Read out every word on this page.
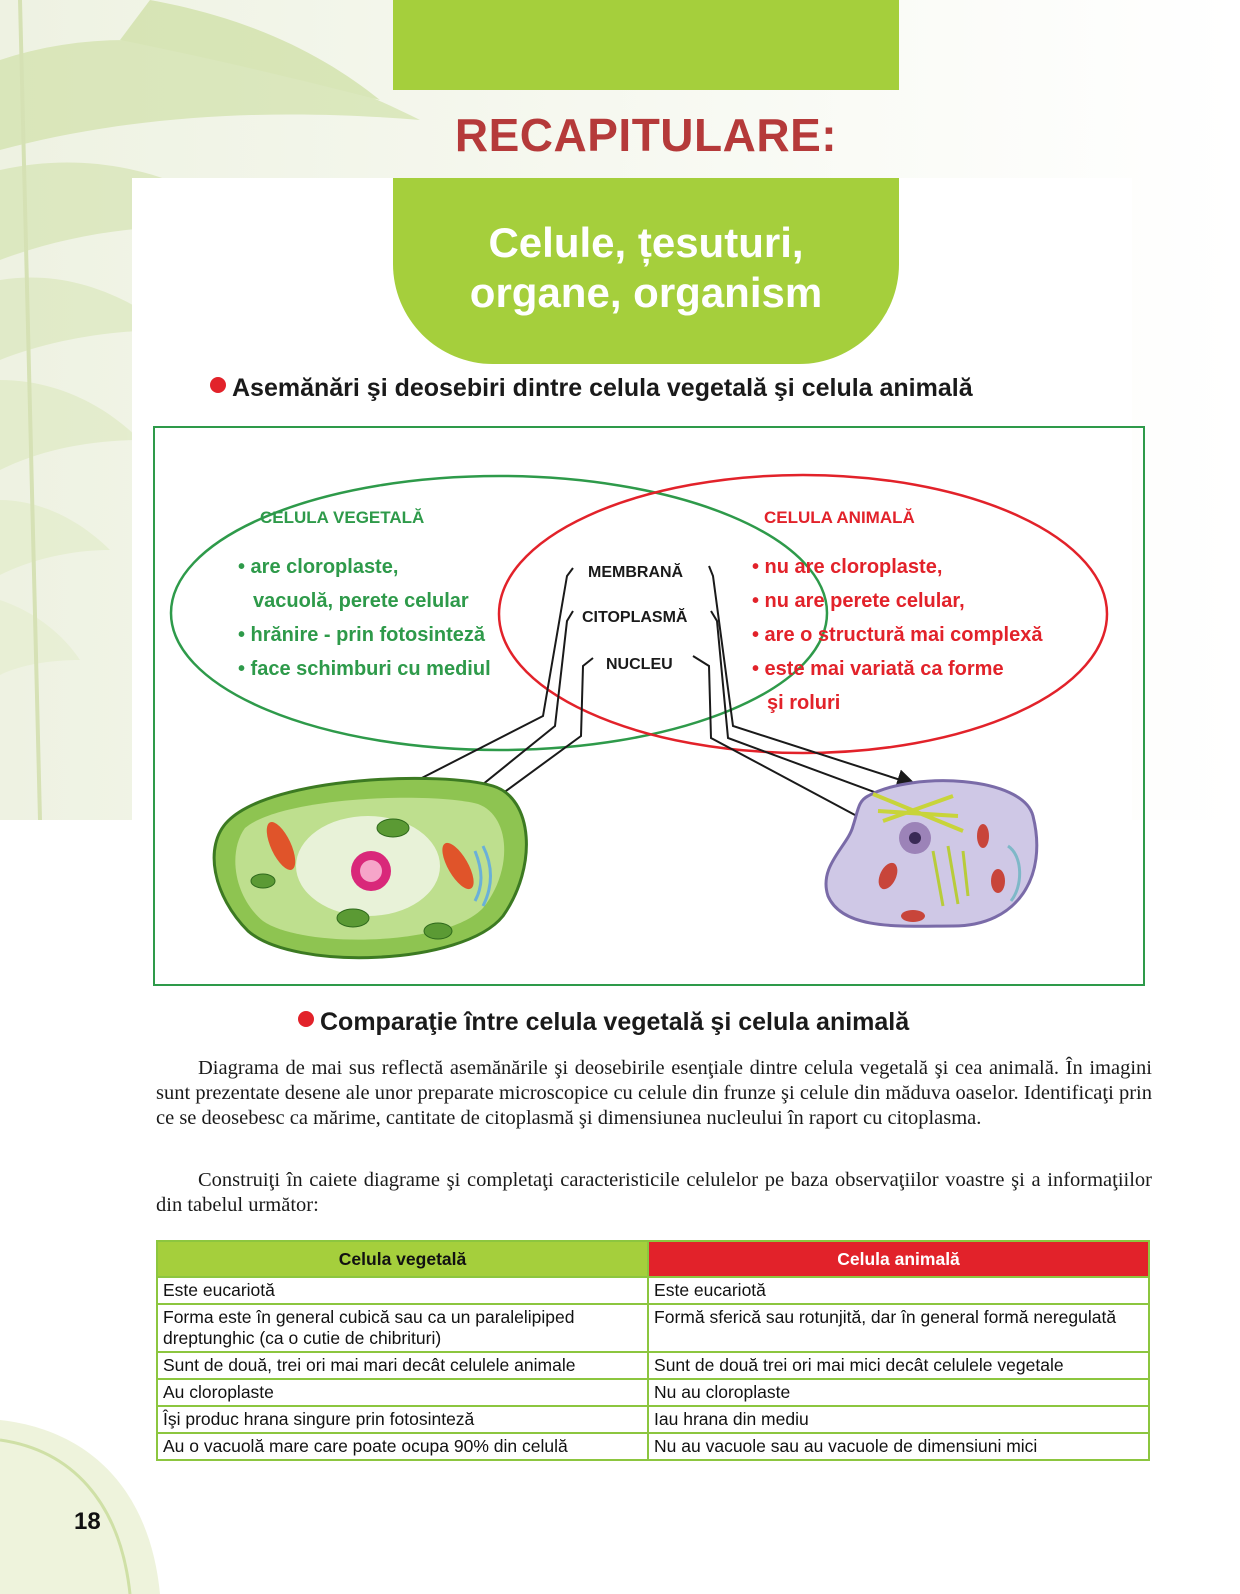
RECAPITULARE:
Celule, țesuturi,
organe, organism
Asemănări şi deosebiri dintre celula vegetală şi celula animală
CELULA VEGETALĂ	CELULA ANIMALĂ
• are cloroplaste,
vacuolă, perete celular
• hrănire - prin fotosinteză
• face schimburi cu mediul
• nu are cloroplaste,
• nu are perete celular,
• are o structură mai complexă
• este mai variată ca forme
şi roluri
MEMBRANĂ
CITOPLASMĂ
NUCLEU
Comparaţie între celula vegetală şi celula animală
Diagrama de mai sus reflectă asemănările şi deosebirile esenţiale dintre celula vegetală şi cea animală. În imagini sunt prezentate desene ale unor preparate microscopice cu celule din frunze şi celule din măduva oaselor. Identificaţi prin ce se deosebesc ca mărime, cantitate de citoplasmă şi dimensiunea nucleului în raport cu citoplasma.
Construiţi în caiete diagrame şi completaţi caracteristicile celulelor pe baza observaţiilor voastre şi a informaţiilor din tabelul următor:
Celula vegetală	Celula animală
Este eucariotă	Este eucariotă
Forma este în general cubică sau ca un paralelipiped dreptunghic (ca o cutie de chibrituri)	Formă sferică sau rotunjită, dar în general formă neregulată
Sunt de două, trei ori mai mari decât celulele animale	Sunt de două trei ori mai mici decât celulele vegetale
Au cloroplaste	Nu au cloroplaste
Îşi produc hrana singure prin fotosinteză	Iau hrana din mediu
Au o vacuolă mare care poate ocupa 90% din celulă	Nu au vacuole sau au vacuole de dimensiuni mici
18
